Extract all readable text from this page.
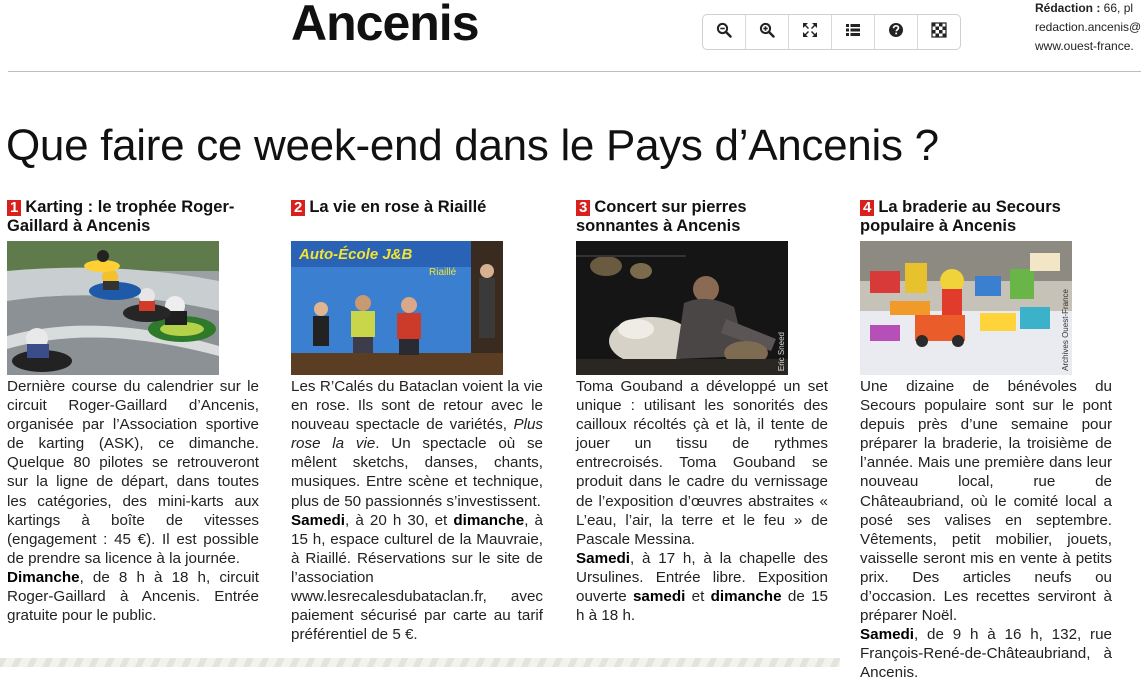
Ancenis	Rédaction : 66, pl
redaction.ancenis@
www.ouest-france.
Que faire ce week-end dans le Pays d’Ancenis ?
1 Karting : le trophée Roger-Gaillard à Ancenis
Dernière course du calendrier sur le circuit Roger-Gaillard d’Ancenis, organisée par l’Association sportive de karting (ASK), ce dimanche. Quelque 80 pilotes se retrouveront sur la ligne de départ, dans toutes les catégories, des mini-karts aux kartings à boîte de vitesses (engagement : 45 €). Il est possible de prendre sa licence à la journée.
Dimanche, de 8 h à 18 h, circuit Roger-Gaillard à Ancenis. Entrée gratuite pour le public.
2 La vie en rose à Riaillé
Auto-École J&B
Riaillé
Les R’Calés du Bataclan voient la vie en rose. Ils sont de retour avec le nouveau spectacle de variétés, Plus rose la vie. Un spectacle où se mêlent sketchs, danses, chants, musiques. Entre scène et technique, plus de 50 passionnés s’investissent.
Samedi, à 20 h 30, et dimanche, à 15 h, espace culturel de la Mauvraie, à Riaillé. Réservations sur le site de l’association www.lesrecalesdubataclan.fr, avec paiement sécurisé par carte au tarif préférentiel de 5 €.
3 Concert sur pierres sonnantes à Ancenis
Eric Sneed
Toma Gouband a développé un set unique : utilisant les sonorités des cailloux récoltés çà et là, il tente de jouer un tissu de rythmes entrecroisés. Toma Gouband se produit dans le cadre du vernissage de l’exposition d’œuvres abstraites « L’eau, l’air, la terre et le feu » de Pascale Messina.
Samedi, à 17 h, à la chapelle des Ursulines. Entrée libre. Exposition ouverte samedi et dimanche de 15 h à 18 h.
4 La braderie au Secours populaire à Ancenis
Archives Ouest-France
Une dizaine de bénévoles du Secours populaire sont sur le pont depuis près d’une semaine pour préparer la braderie, la troisième de l’année. Mais une première dans leur nouveau local, rue de Châteaubriand, où le comité local a posé ses valises en septembre. Vêtements, petit mobilier, jouets, vaisselle seront mis en vente à petits prix. Des articles neufs ou d’occasion. Les recettes serviront à préparer Noël.
Samedi, de 9 h à 16 h, 132, rue François-René-de-Châteaubriand, à Ancenis.
